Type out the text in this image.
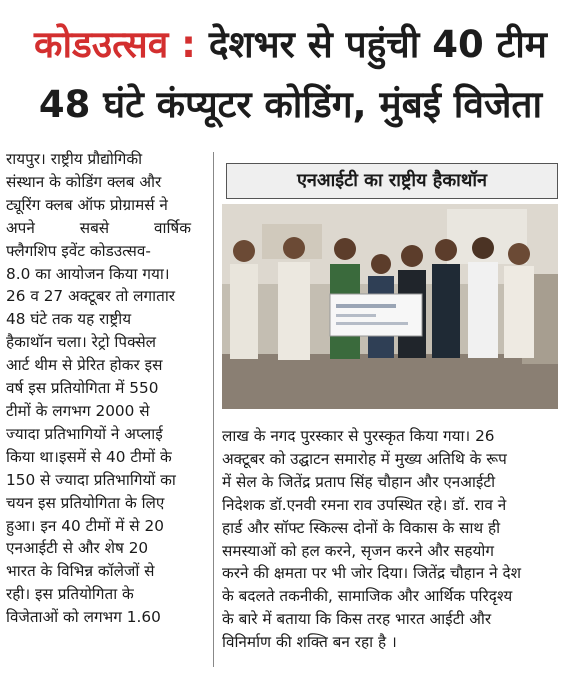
कोडउत्सव : देशभर से पहुंची 40 टीम
48 घंटे कंप्यूटर कोडिंग, मुंबई विजेता
रायपुर। राष्ट्रीय प्रौद्योगिकी
संस्थान के कोडिंग क्लब और
ट्यूरिंग क्लब ऑफ प्रोग्रामर्स ने
अपने सबसे वार्षिक
फ्लैगशिप इवेंट कोडउत्सव-
8.0 का आयोजन किया गया।
26 व 27 अक्टूबर तो लगातार
48 घंटे तक यह राष्ट्रीय
हैकाथॉन चला। रेट्रो पिक्सेल
आर्ट थीम से प्रेरित होकर इस
वर्ष इस प्रतियोगिता में 550
टीमों के लगभग 2000 से
ज्यादा प्रतिभागियों ने अप्लाई
किया था।इसमें से 40 टीमों के
150 से ज्यादा प्रतिभागियों का
चयन इस प्रतियोगिता के लिए
हुआ। इन 40 टीमों में से 20
एनआईटी से और शेष 20
भारत के विभिन्न कॉलेजों से
रही। इस प्रतियोगिता के
विजेताओं को लगभग 1.60
एनआईटी का राष्ट्रीय हैकाथॉन
लाख के नगद पुरस्कार से पुरस्कृत किया गया। 26
अक्टूबर को उद्घाटन समारोह में मुख्य अतिथि के रूप
में सेल के जितेंद्र प्रताप सिंह चौहान और एनआईटी
निदेशक डॉ.एनवी रमना राव उपस्थित रहे। डॉ. राव ने
हार्ड और सॉफ्ट स्किल्स दोनों के विकास के साथ ही
समस्याओं को हल करने, सृजन करने और सहयोग
करने की क्षमता पर भी जोर दिया। जितेंद्र चौहान ने देश
के बदलते तकनीकी, सामाजिक और आर्थिक परिदृश्य
के बारे में बताया कि किस तरह भारत आईटी और
विनिर्माण की शक्ति बन रहा है ।
